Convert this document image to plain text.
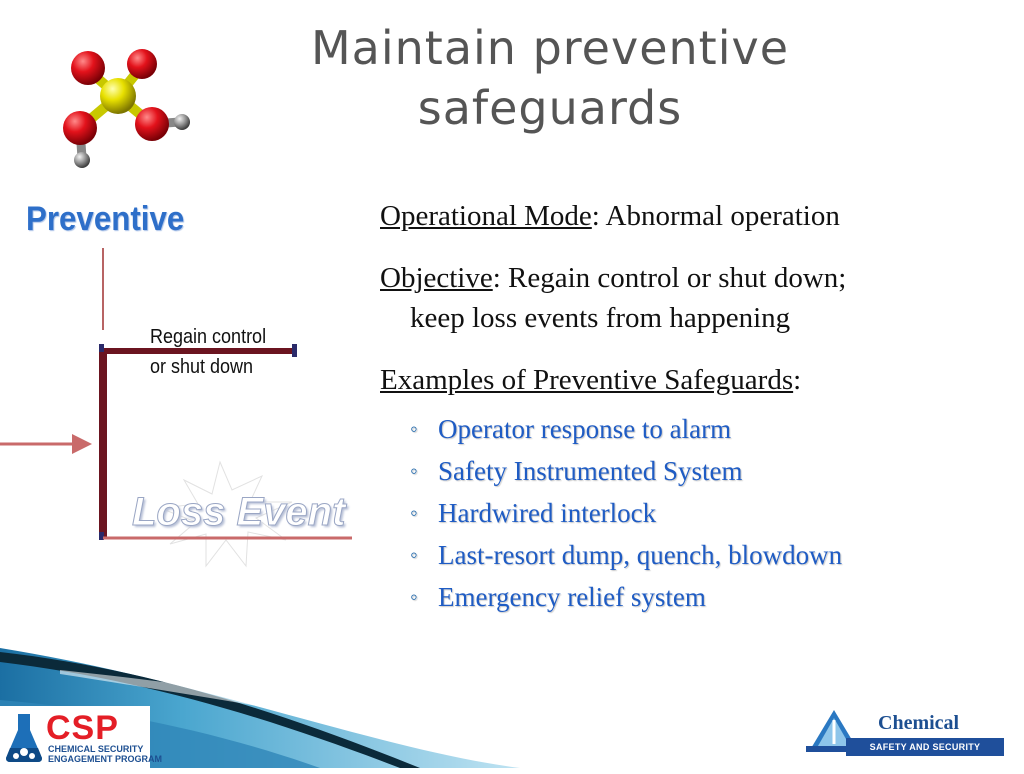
Maintain preventive
safeguards
Preventive
Regain control
or shut down
Loss Event

Operational Mode: Abnormal operation

Objective: Regain control or shut down;
keep loss events from happening

Examples of Preventive Safeguards:

◦ Operator response to alarm
◦ Safety Instrumented System
◦ Hardwired interlock
◦ Last-resort dump, quench, blowdown
◦ Emergency relief system
CSP
CHEMICAL SECURITY
ENGAGEMENT PROGRAM
Chemical
SAFETY AND SECURITY TRAINING
